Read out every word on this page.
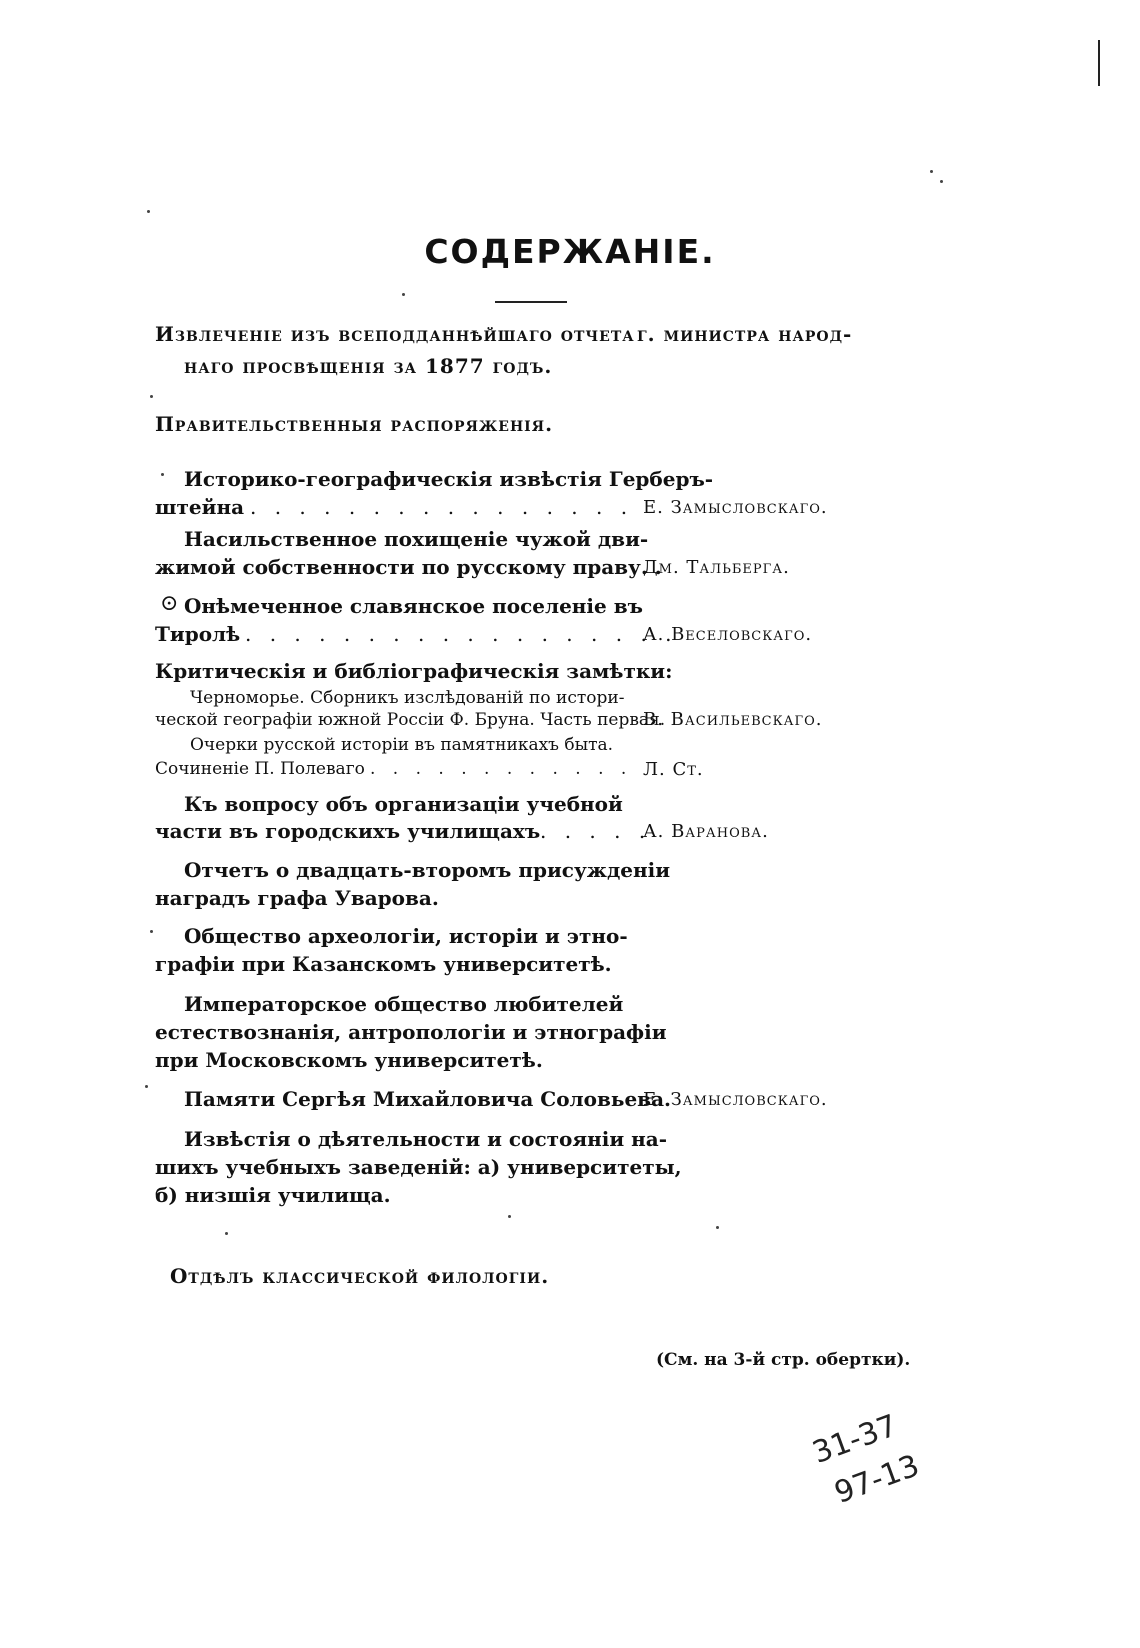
СОДЕРЖАНІЕ.
Извлеченіе изъ всеподданнѣйшаго отчета г. министра народ-
наго просвѣщенія за 1877 годъ.
Правительственныя распоряженія.
Историко-географическія извѣстія Герберъ-
штейна . . . . . . . . . . . . . . . . Е. Замысловскаго.
Насильственное похищеніе чужой дви-
жимой собственности по русскому праву. .
Дм. Тальберга.
⊙ Онѣмеченное славянское поселеніе въ
Тиролѣ . . . . . . . . . . . . . . . . . .
А. Веселовскаго.
Критическія и библіографическія замѣтки:
Черноморье. Сборникъ изслѣдованій по истори-
ческой географіи южной Россіи Ф. Бруна. Часть первая.
В. Васильевскаго.
Очерки русской исторіи въ памятникахъ быта.
Сочиненіе П. Полеваго . . . . . . . . . . . . Л. Ст.
Къ вопросу объ организаціи учебной
части въ городскихъ училищахъ . . . . .
А. Варанова.
Отчетъ о двадцать-второмъ присужденіи
наградъ графа Уварова.
Общество археологіи, исторіи и этно-
графіи при Казанскомъ университетѣ.
Императорское общество любителей
естествознанія, антропологіи и этнографіи
при Московскомъ университетѣ.
Памяти Сергѣя Михайловича Соловьева.
Е. Замысловскаго.
Извѣстія о дѣятельности и состояніи на-
шихъ учебныхъ заведеній: а) университеты,
б) низшія училища.
Отдѣлъ классической филологіи.
(См. на 3-й стр. обертки).
31-37
97-13
